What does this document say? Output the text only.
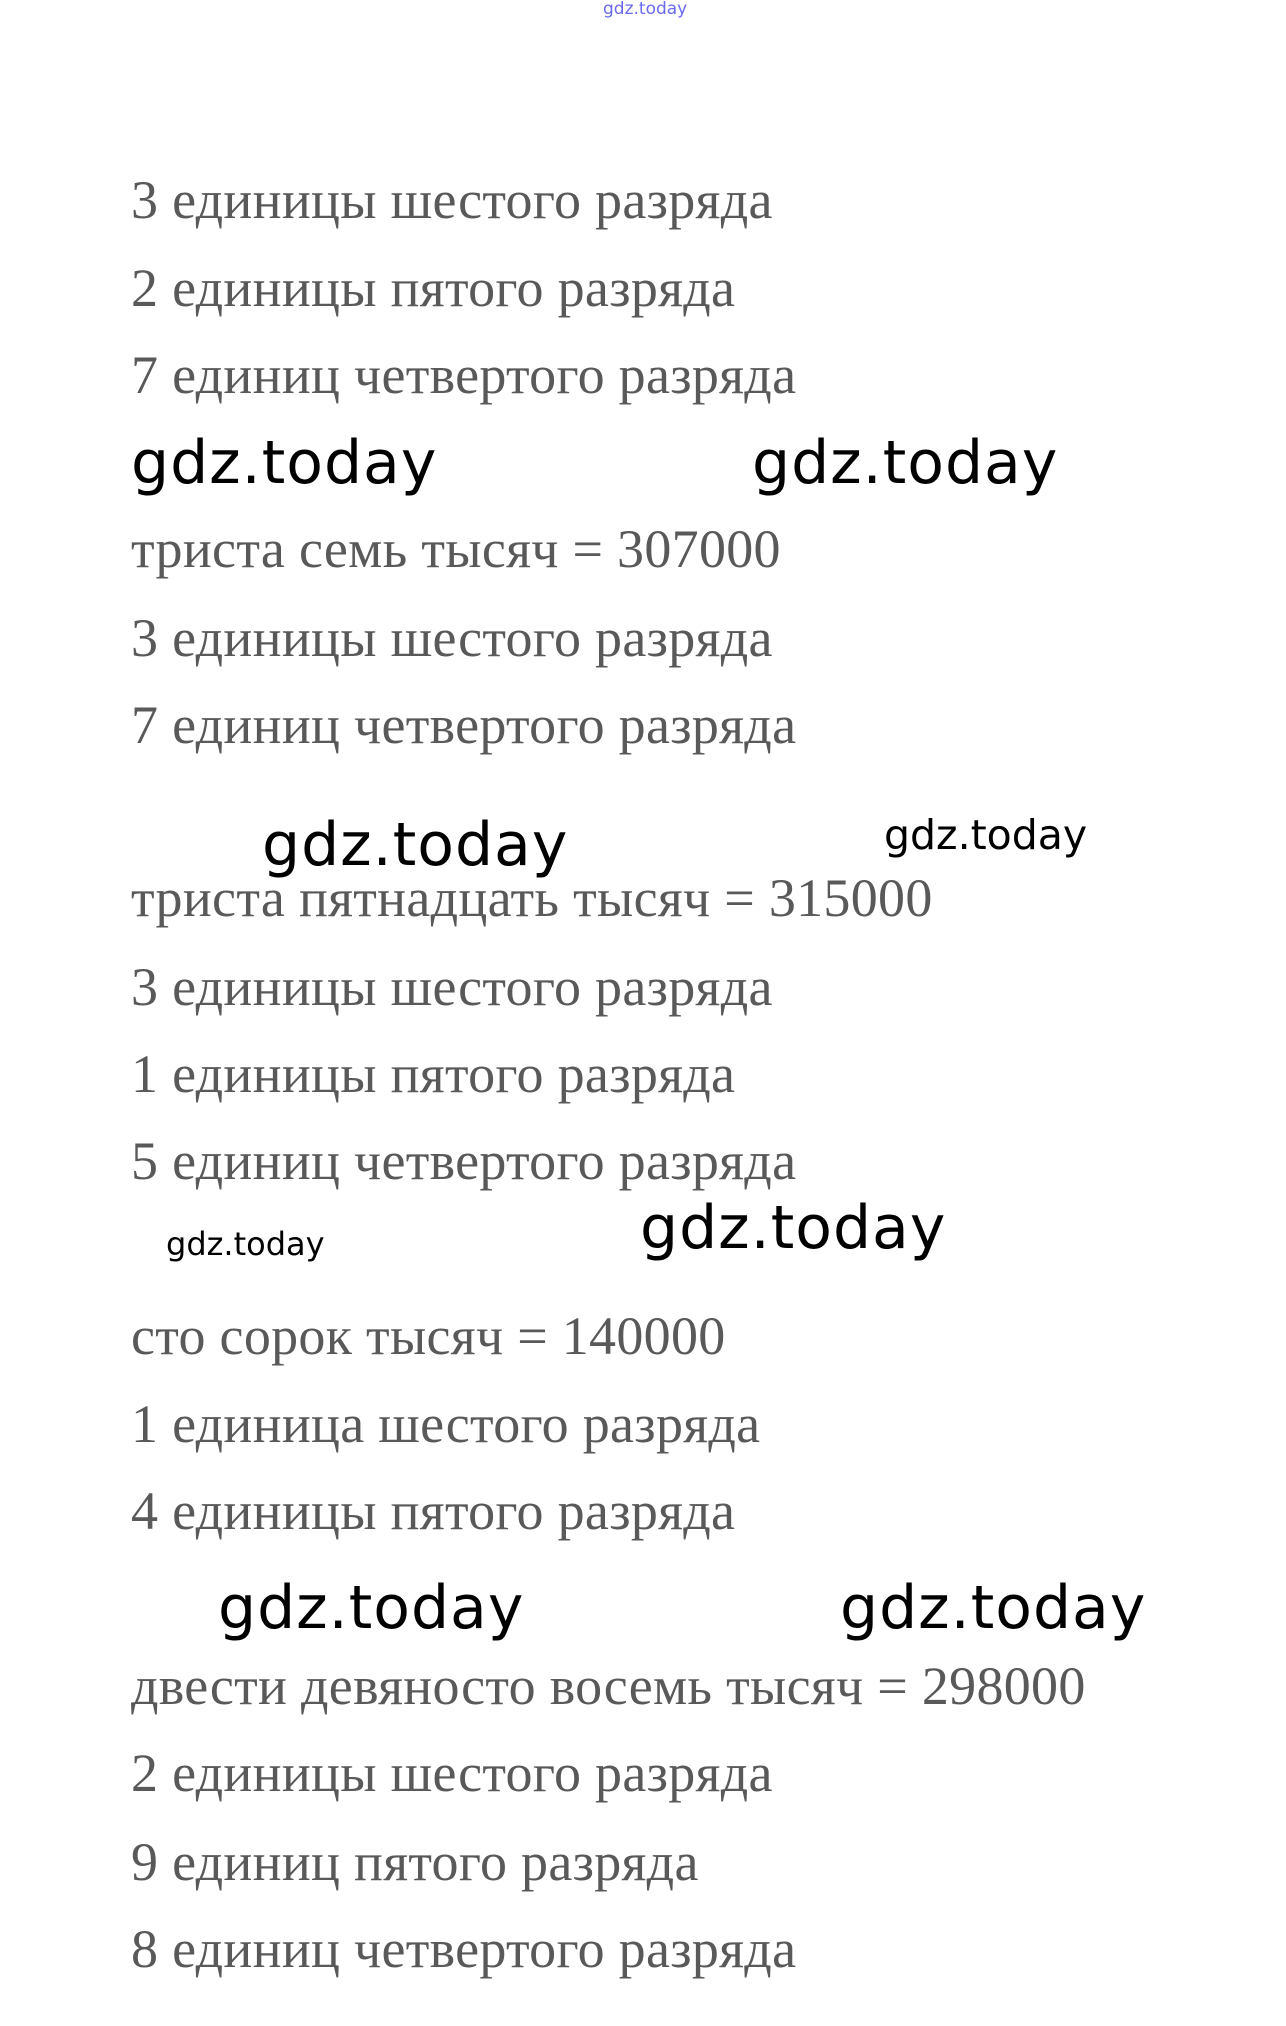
gdz.today

3 единицы шестого разряда

2 единицы пятого разряда

7 единиц четвертого разряда

gdz.today	gdz.today

триста семь тысяч = 307000

3 единицы шестого разряда

7 единиц четвертого разряда

gdz.today	gdz.today

триста пятнадцать тысяч = 315000

3 единицы шестого разряда

1 единицы пятого разряда

5 единиц четвертого разряда

gdz.today
gdz.today

сто сорок тысяч = 140000

1 единица шестого разряда

4 единицы пятого разряда

gdz.today	gdz.today

двести девяносто восемь тысяч = 298000

2 единицы шестого разряда

9 единиц пятого разряда

8 единиц четвертого разряда
